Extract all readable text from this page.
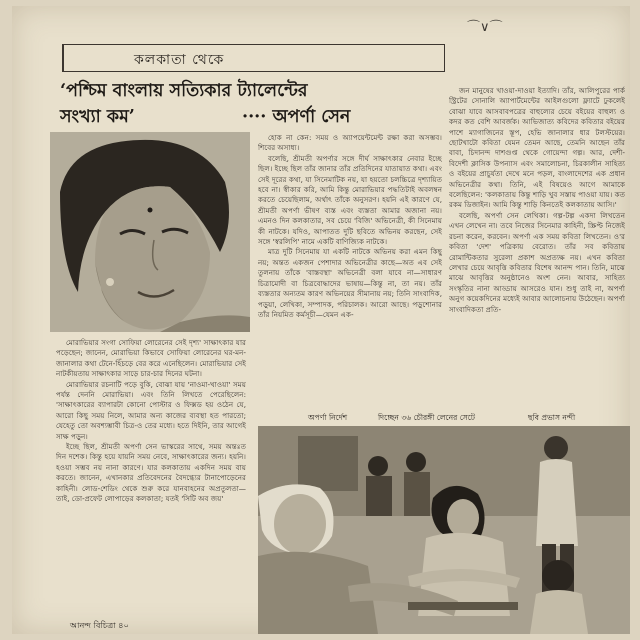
⌒∨⌒
কলকাতা থেকে
‘পশ্চিম বাংলায় সত্যিকার ট্যালেন্টের
সংখ্যা কম’	···· অপর্ণা সেন

মোরাভিয়ার সংগা সোফিয়া লোরেনের সেই দৃশ্য' সাক্ষাৎকার যার পড়েছেন; জানেন, মোরাভিয়া কিভাবে সোফিয়া লোরেনের ঘর-মন-জানালার কথা টেনে-হিঁচড়ে বের করে এনেছিলেন। মোরাভিয়ার সেই নাটকীয়তায় সাক্ষাৎকার সাড়ে চার-চার দিনের ঘটনা।

মোরাভিয়ার রচনাটি পড়ে বুকি, বোঝা যায় 'নাওমা-খাওয়া' সময় পর্যন্ত দেননি মোরাভিয়া। এবং তিনি লিখতে পেরেছিলেন: 'সাক্ষাৎকারের ব্যাপারটা কোনো পোস্টার ও ফিক্সড হয় ওঠেন যে, আরো কিছু সময় নিলে, আমার অন্য কাজের ব্যবস্থা হত পারতো; যেহেতু তো অবশ্যম্ভাবী চিত্র-ও তের মধ্যে। হতে দিইনি, তার আগেই সাক্ষ পড়ুন।

ইচ্ছে ছিল, শ্রীমতী অপর্ণা সেন ভাস্করের সাথে, সময় অন্তঃত দিন দশেক। কিন্তু হয়ে যায়নি সময় নেবে, সাক্ষাৎকারের জন্য। হয়নি। হওয়া সম্ভব নয় নানা কারণে। যার কলকাতায় একদিন সময় বায় করতে। জানেন, এখানকার প্রতিবেদনের বৈদগ্ধ্যের টানাপোড়েনের কাহিনী। লোড-শেডিং থেকে শুরু করে যানবাহনের অপ্রতুলতা—তাই, ডো-প্রফেট লোপাড়ের কলকাতা; যতই 'সিটি অব জয়'

হোক না কেন: সময় ও অ্যাপয়েন্টমেন্ট রক্ষা করা অসম্ভব। শিবের অসাধ্য।

বলেছি, শ্রীমতী অপর্ণার সঙ্গে দীর্ঘ সাক্ষাৎকার নেবার ইচ্ছে ছিল। ইচ্ছে ছিল তাঁর জানার তাঁর প্রতিদিনের যাতায়াত কথা। এবং সেই দূরের কথা, যা সিনেমাটিক নয়, যা হয়তো চলচ্চিত্রে দৃশ্যায়িত হবে না। স্বীকার করি, আমি কিন্তু মোরাভিয়ার পদ্ধতিটাই অবলম্বন করতে চেয়েছিলাম, অর্থাৎ তাঁকে অনুসরণ। হয়নি এই কারণে যে, শ্রীমতী অপর্ণা ভীষণ ব্যস্ত এবং ব্যস্ততা আমার অজানা নয়। এমনও দিন কলকাতার, সব চেয়ে 'বিজি' অভিনেত্রী, কী সিনেমায় কী নাটকে। যদিও, আপাতত দুটি ছবিতে অভিনয় করছেন, সেই সঙ্গে 'স্বরলিপি' নামে একটি বাণিজ্যিক নাটকে।

মাত্র দুটি সিনেমায় যা একটি নাটকে অভিনয় করা এমন কিছু নয়; অন্তত একজন পেশাদার অভিনেত্রীর কাছে—অত এব সেই তুলনায় তাঁকে 'বাস্তবস্থা' অভিনেত্রী বলা যাবে না—সাধারণ চিত্রামোদী বা চিত্রবোদ্ধাদের ভাষায়—কিন্তু না, তা নয়। তাঁর ব্যস্ততার অন্যতম কারণ অভিনয়ের সীমানায় নয়; তিনি সাংবাদিক, পড়ুয়া, লেখিকা, সম্পাদক, পরিচালক। আরো আছে। পড়ুশোনার তাঁর নিয়মিত কর্মসূচী—যেমন এক-

জন মানুষের খাওয়া-দাওয়া ইত্যাদি। তাঁর, আলিপুরের পার্ক স্ট্রিটের সোনালি অ্যাপার্টমেন্টের আইলগুলো ফ্ল্যাটে ঢুকলেই বোঝা যাবে আসবাবপত্রের বাহুল্যের চেয়ে বইয়ের বাহুল্য ও কদর কত বেশি আবর্জক। আভিজাত্য কবিদের কবিতার বইয়ের পাশে ম্যাগাজিনের স্তূপ, হেভি জানালার ধার টলস্টয়ের। ছোটখাটো কবিতা যেমন তেমন আছে, তেমনি আছেন তাঁর বাবা, চিদানন্দ দাশগুপ্ত থেকে গোয়েন্দা গল্প। আর, দেশী-বিদেশী ক্লাসিক উপন্যাস এবং সমালোচনা, চিরকালীন সাহিত্য ও বইয়ের প্রাচুর্যতা দেখে মনে পড়ল, বাংলাদেশের এক প্রধান অভিনেত্রীর কথা। তিনি, এই বিষয়েও আগে আমাকে বলেছিলেন: 'কলকাতায় কিন্তু শাড়ি খুব সস্তায় পাওয়া যায়। কত রকম ডিজাইন। আমি কিন্তু শাড়ি কিনতেই কলকাতায় আসি।'

বলেছি, অপর্ণা সেন লেখিকা। গল্প-টল্প একদা লিখতেন এখন লেখেন না। তবে নিজের সিনেমার কাহিনী, স্ক্রিপ্ট নিজেই রচনা করেন, করবেন। অপর্ণা এক সময় কবিতা লিখতেন। ও'র কবিতা 'দেশ' পত্রিকায় বেরোত। তাঁর সব কবিতায় রোমান্টিকতার সুরেলা প্রকাশ অপ্রত্যক্ষ নয়। এখন কবিতা লেখার চেয়ে আবৃত্তি কবিতার বিশেষ আনন্দ পান। তিনি, মাঝে মাঝে আবৃত্তির অনুষ্ঠানেও অংশ নেন। আবার, সাহিত্য সংস্কৃতির নানা আড্ডায় আসরেও যান। শুধু তাই না, অপর্ণা অনুগ কয়েকদিনের মধ্যেই আবার আলোচনায় উঠেছেন। অপর্ণা সাংবাদিকতা প্রতি-

অপর্ণা নির্দেশ	দিচ্ছেন ৩৬ চৌরঙ্গী লেনের সেটে	ছবি প্রভাস নন্দী
আনন্দ বিচিত্রা ৪০
